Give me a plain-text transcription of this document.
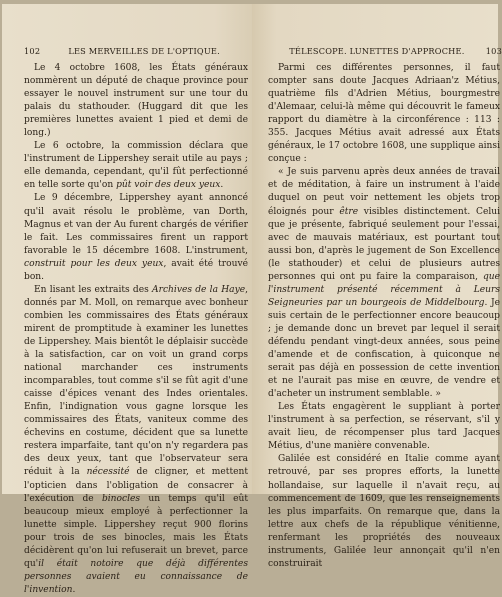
102	LES MERVEILLES DE L'OPTIQUE.

Le 4 octobre 1608, les États généraux nommèrent un député de chaque province pour essayer le nouvel instrument sur une tour du palais du stathouder. (Huggard dit que les premières lunettes avaient 1 pied et demi de long.)

Le 6 octobre, la commission déclara que l'instrument de Lippershey serait utile au pays ; elle demanda, cependant, qu'il fût perfectionné en telle sorte qu'on pût voir des deux yeux.

Le 9 décembre, Lippershey ayant annoncé qu'il avait résolu le problème, van Dorth, Magnus et van der Au furent chargés de vérifier le fait. Les commissaires firent un rapport favorable le 15 décembre 1608. L'instrument, construit pour les deux yeux, avait été trouvé bon.

En lisant les extraits des Archives de la Haye, donnés par M. Moll, on remarque avec bonheur combien les commissaires des États généraux mirent de promptitude à examiner les lunettes de Lippershey. Mais bientôt le déplaisir succède à la satisfaction, car on voit un grand corps national marchander ces instruments incomparables, tout comme s'il se fût agit d'une caisse d'épices venant des Indes orientales. Enfin, l'indignation vous gagne lorsque les commissaires des États, vaniteux comme des échevins en costume, décident que sa lunette restera imparfaite, tant qu'on n'y regardera pas des deux yeux, tant que l'observateur sera réduit à la nécessité de cligner, et mettent l'opticien dans l'obligation de consacrer à l'exécution de binocles un temps qu'il eût beaucoup mieux employé à perfectionner la lunette simple. Lippershey reçut 900 florins pour trois de ses binocles, mais les États décidèrent qu'on lui refuserait un brevet, parce qu'il était notoire que déjà différentes personnes avaient eu connaissance de l'invention.

TÉLESCOPE. LUNETTES D'APPROCHE.	103

Parmi ces différentes personnes, il faut compter sans doute Jacques Adriaan'z Métius, quatrième fils d'Adrien Métius, bourgmestre d'Alemaar, celui-là même qui découvrit le fameux rapport du diamètre à la circonférence : 113 : 355. Jacques Métius avait adressé aux États généraux, le 17 octobre 1608, une supplique ainsi conçue :

« Je suis parvenu après deux années de travail et de méditation, à faire un instrument à l'aide duquel on peut voir nettement les objets trop éloignés pour être visibles distinctement. Celui que je présente, fabriqué seulement pour l'essai, avec de mauvais matériaux, est pourtant tout aussi bon, d'après le jugement de Son Excellence (le stathouder) et celui de plusieurs autres personnes qui ont pu faire la comparaison, que l'instrument présenté récemment à Leurs Seigneuries par un bourgeois de Middelbourg. Je suis certain de le perfectionner encore beaucoup ; je demande donc un brevet par lequel il serait défendu pendant vingt-deux années, sous peine d'amende et de confiscation, à quiconque ne serait pas déjà en possession de cette invention et ne l'aurait pas mise en œuvre, de vendre et d'acheter un instrument semblable. »

Les États engagèrent le suppliant à porter l'instrument à sa perfection, se réservant, s'il y avait lieu, de récompenser plus tard Jacques Métius, d'une manière convenable.

Galilée est considéré en Italie comme ayant retrouvé, par ses propres efforts, la lunette hollandaise, sur laquelle il n'avait reçu, au commencement de 1609, que les renseignements les plus imparfaits. On remarque que, dans la lettre aux chefs de la république vénitienne, renfermant les propriétés des nouveaux instruments, Galilée leur annonçait qu'il n'en construirait
